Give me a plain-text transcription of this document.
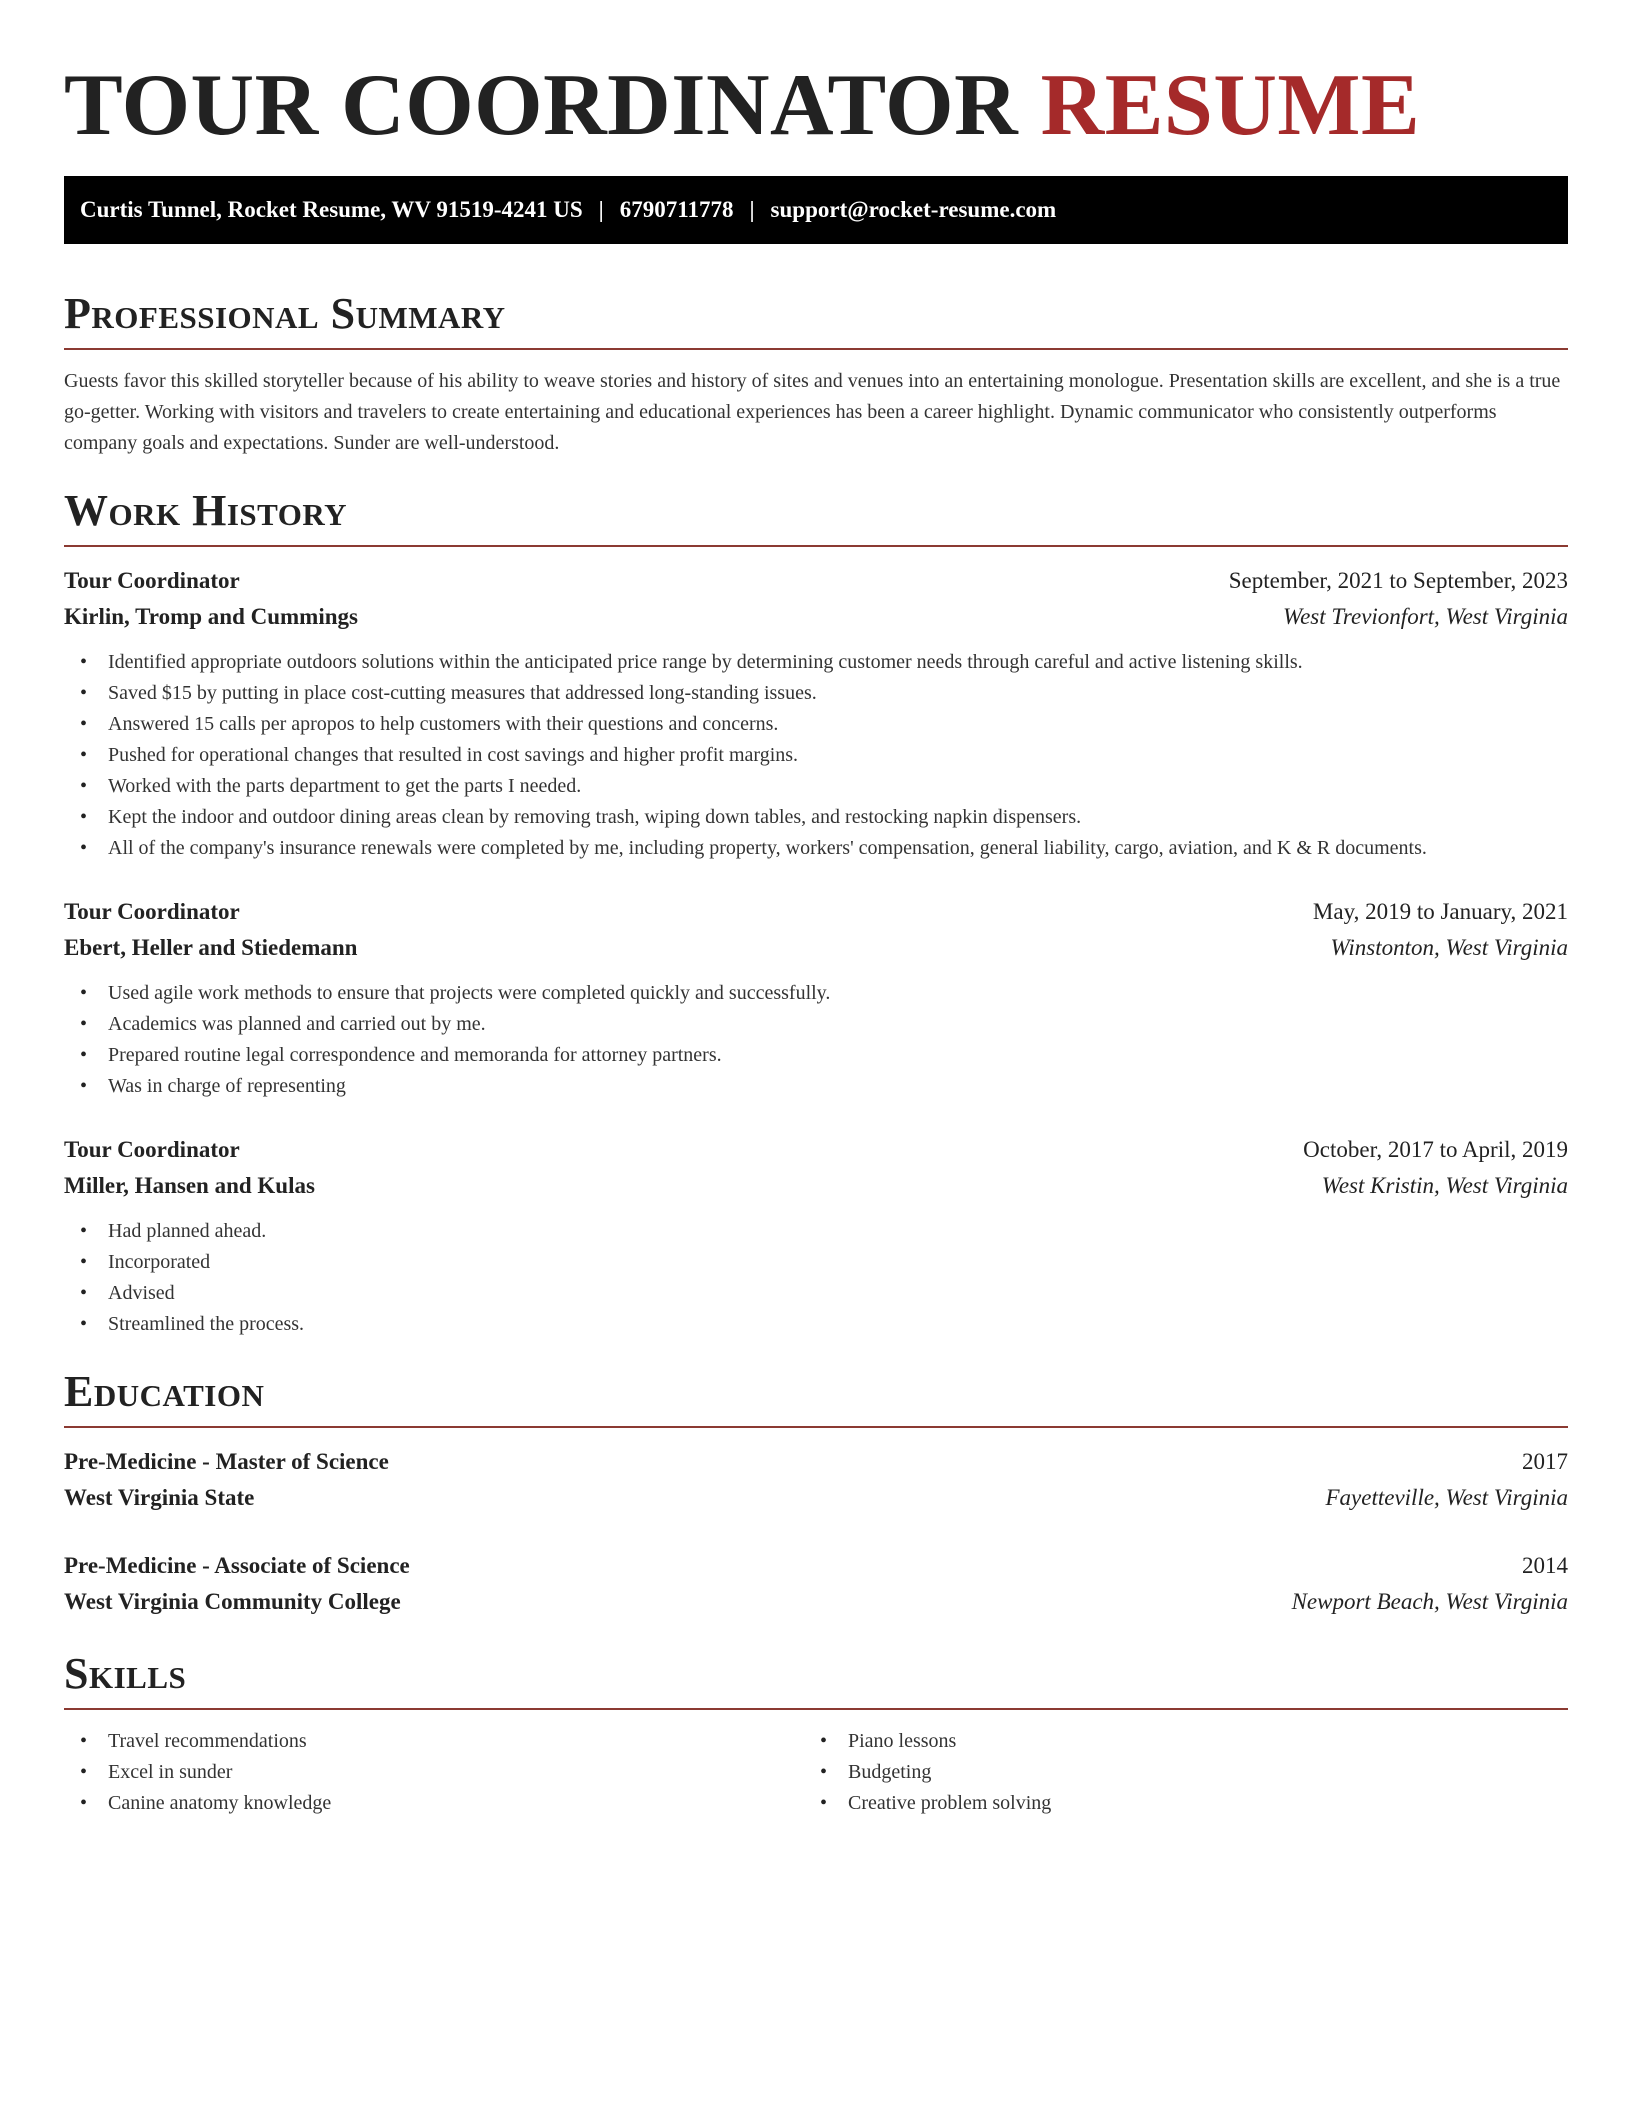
TOUR COORDINATOR RESUME
Curtis Tunnel, Rocket Resume, WV 91519-4241 US | 6790711778 | support@rocket-resume.com
Professional Summary

Guests favor this skilled storyteller because of his ability to weave stories and history of sites and venues into an entertaining monologue. Presentation skills are excellent, and she is a true go-getter. Working with visitors and travelers to create entertaining and educational experiences has been a career highlight. Dynamic communicator who consistently outperforms company goals and expectations. Sunder are well-understood.

Work History
Tour Coordinator	September, 2021 to September, 2023
Kirlin, Tromp and Cummings	West Trevionfort, West Virginia
• Identified appropriate outdoors solutions within the anticipated price range by determining customer needs through careful and active listening skills.
• Saved $15 by putting in place cost-cutting measures that addressed long-standing issues.
• Answered 15 calls per apropos to help customers with their questions and concerns.
• Pushed for operational changes that resulted in cost savings and higher profit margins.
• Worked with the parts department to get the parts I needed.
• Kept the indoor and outdoor dining areas clean by removing trash, wiping down tables, and restocking napkin dispensers.
• All of the company's insurance renewals were completed by me, including property, workers' compensation, general liability, cargo, aviation, and K & R documents.
Tour Coordinator	May, 2019 to January, 2021
Ebert, Heller and Stiedemann	Winstonton, West Virginia
• Used agile work methods to ensure that projects were completed quickly and successfully.
• Academics was planned and carried out by me.
• Prepared routine legal correspondence and memoranda for attorney partners.
• Was in charge of representing
Tour Coordinator	October, 2017 to April, 2019
Miller, Hansen and Kulas	West Kristin, West Virginia
• Had planned ahead.
• Incorporated
• Advised
• Streamlined the process.
Education
Pre-Medicine - Master of Science	2017
West Virginia State	Fayetteville, West Virginia
Pre-Medicine - Associate of Science	2014
West Virginia Community College	Newport Beach, West Virginia
Skills
• Travel recommendations
• Excel in sunder
• Canine anatomy knowledge
• Piano lessons
• Budgeting
• Creative problem solving
